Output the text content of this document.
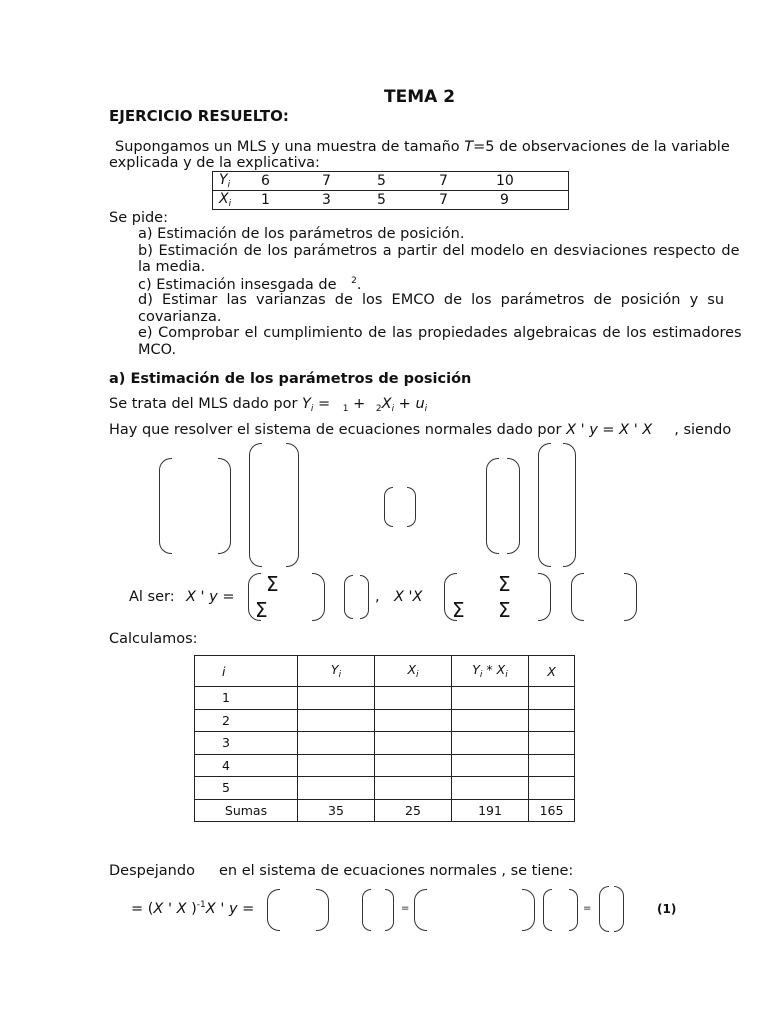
TEMA 2
EJERCICIO RESUELTO:
Supongamos un MLS y una muestra de tamaño T=5 de observaciones de la variable
explicada y de la explicativa:
$Y_i$	6	7	5	7	10
$X_i$	1	3	5	7	9
Se pide:
a) Estimación de los parámetros de posición.
b) Estimación de los parámetros a partir del modelo en desviaciones respecto de
la media.
c) Estimación insesgada de $^2$.
d) Estimar las varianzas de los EMCO de los parámetros de posición y su
covarianza.
e) Comprobar el cumplimiento de las propiedades algebraicas de los estimadores
MCO.
a) Estimación de los parámetros de posición
Se trata del MLS dado por $Y_i = _1 + _2X_i + u_i$
Hay que resolver el sistema de ecuaciones normales dado por X ' y = X ' X , siendo
Al ser: X ' y =
Σ
Σ
, X 'X
Σ
Σ Σ
Calculamos:
i	$Y_i$	$X_i$	$Y_i * X_i$	X
1				
2				
3				
4				
5				
Sumas	35	25	191	165
Despejando en el sistema de ecuaciones normales , se tiene:
= (X ' X )$^{-1}$X ' y =	=	=	(1)
